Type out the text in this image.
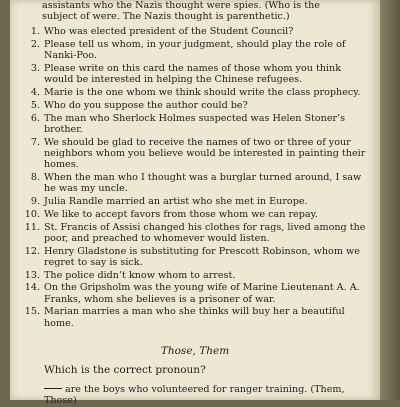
assistants who the Nazis thought were spies. (Who is the

subject of were. The Nazis thought is parenthetic.)

1. Who was elected president of the Student Council?
2. Please tell us whom, in your judgment, should play the role of Nanki-Poo.
3. Please write on this card the names of those whom you think would be interested in helping the Chinese refugees.
4. Marie is the one whom we think should write the class prophecy.
5. Who do you suppose the author could be?
6. The man who Sherlock Holmes suspected was Helen Stoner’s brother.
7. We should be glad to receive the names of two or three of your neighbors whom you believe would be interested in painting their homes.
8. When the man who I thought was a burglar turned around, I saw he was my uncle.
9. Julia Randle married an artist who she met in Europe.
10. We like to accept favors from those whom we can repay.
11. St. Francis of Assisi changed his clothes for rags, lived among the poor, and preached to whomever would listen.
12. Henry Gladstone is substituting for Prescott Robinson, whom we regret to say is sick.
13. The police didn’t know whom to arrest.
14. On the Gripsholm was the young wife of Marine Lieutenant A. A. Franks, whom she believes is a prisoner of war.
15. Marian marries a man who she thinks will buy her a beautiful home.
Those, Them
Which is the correct pronoun?

are the boys who volunteered for ranger training. (Them,

Those)
